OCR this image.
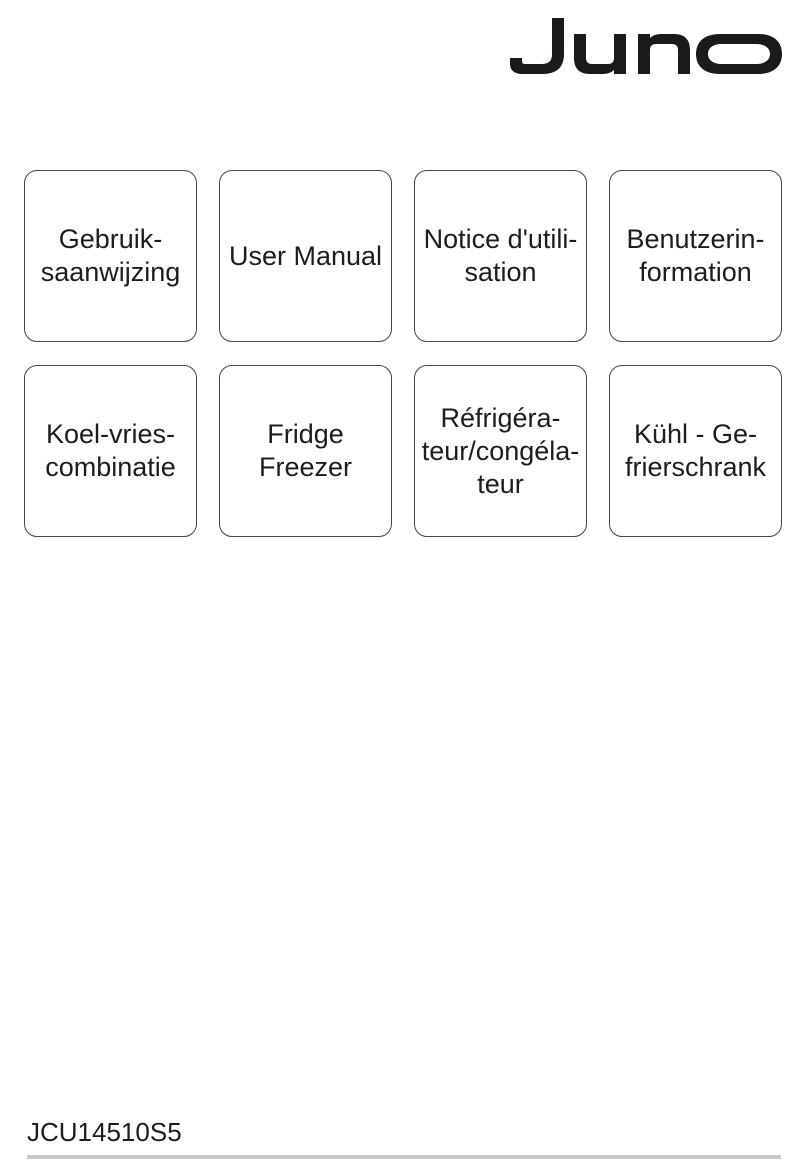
Gebruik-
saanwijzing
User Manual
Notice d'utili-
sation
Benutzerin-
formation
Koel-vries-
combinatie
Fridge
Freezer
Réfrigéra-
teur/congéla-
teur
Kühl - Ge-
frierschrank
JCU14510S5
